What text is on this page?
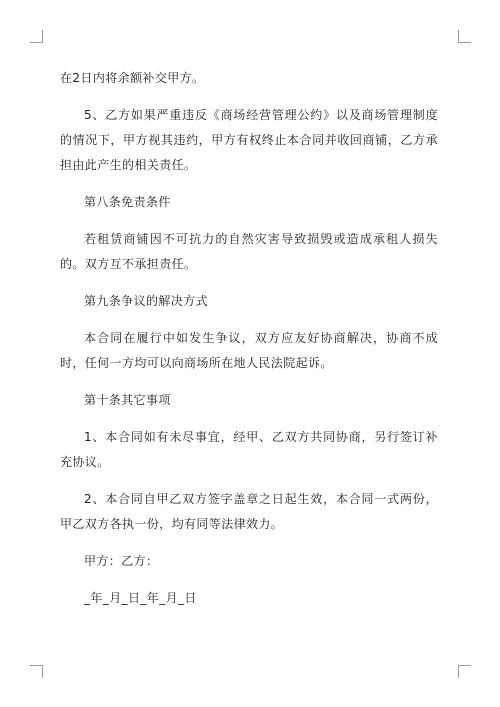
在2日内将余额补交甲方。

5、乙方如果严重违反《商场经营管理公约》以及商场管理制度的情况下，甲方视其违约，甲方有权终止本合同并收回商铺，乙方承担由此产生的相关责任。

第八条免责条件

若租赁商铺因不可抗力的自然灾害导致损毁或造成承租人损失的。双方互不承担责任。

第九条争议的解决方式

本合同在履行中如发生争议，双方应友好协商解决，协商不成时，任何一方均可以向商场所在地人民法院起诉。

第十条其它事项

1、本合同如有未尽事宜，经甲、乙双方共同协商，另行签订补充协议。

2、本合同自甲乙双方签字盖章之日起生效，本合同一式两份，甲乙双方各执一份，均有同等法律效力。

甲方：乙方：

_年_月_日_年_月_日
